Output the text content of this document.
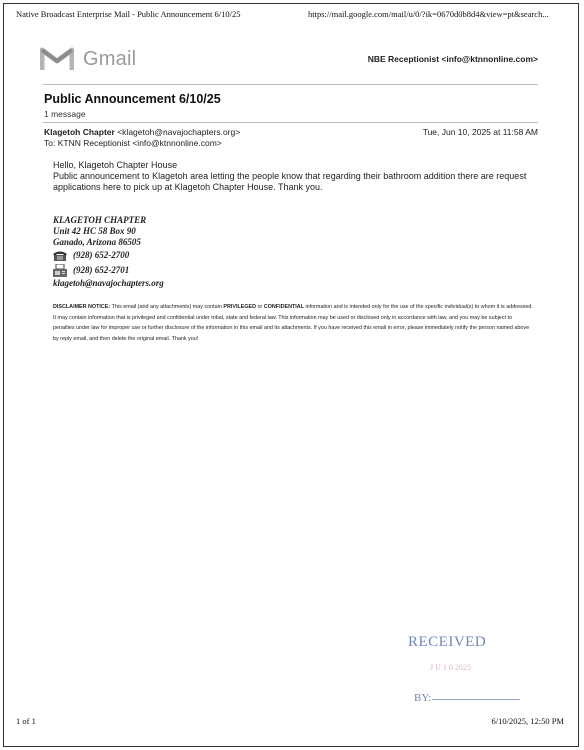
Native Broadcast Enterprise Mail - Public Announcement 6/10/25	https://mail.google.com/mail/u/0/?ik=0670d0b8d4&view=pt&search...
Gmail	NBE Receptionist <info@ktnnonline.com>
Public Announcement 6/10/25
1 message
Klagetoh Chapter <klagetoh@navajochapters.org>	Tue, Jun 10, 2025 at 11:58 AM
To: KTNN Receptionist <info@ktnnonline.com>
Hello, Klagetoh Chapter House
Public announcement to Klagetoh area letting the people know that regarding their bathroom addition there are request applications here to pick up at Klagetoh Chapter House. Thank you.
KLAGETOH CHAPTER
Unit 42 HC 58 Box 90
Ganado, Arizona 86505
(928) 652-2700
(928) 652-2701
klagetoh@navajochapters.org
DISCLAIMER NOTICE: This email (and any attachments) may contain PRIVILEGED or CONFIDENTIAL information and is intended only for the use of the specific individual(s) to whom it is addressed. It may contain information that is privileged and confidential under tribal, state and federal law. This information may be used or disclosed only in accordance with law, and you may be subject to penalties under law for improper use or further disclosure of the information in this email and its attachments. If you have received this email in error, please immediately notify the person named above by reply email, and then delete the original email. Thank you!
RECEIVED
J U 1 0 2025
BY:
1 of 1	6/10/2025, 12:50 PM
